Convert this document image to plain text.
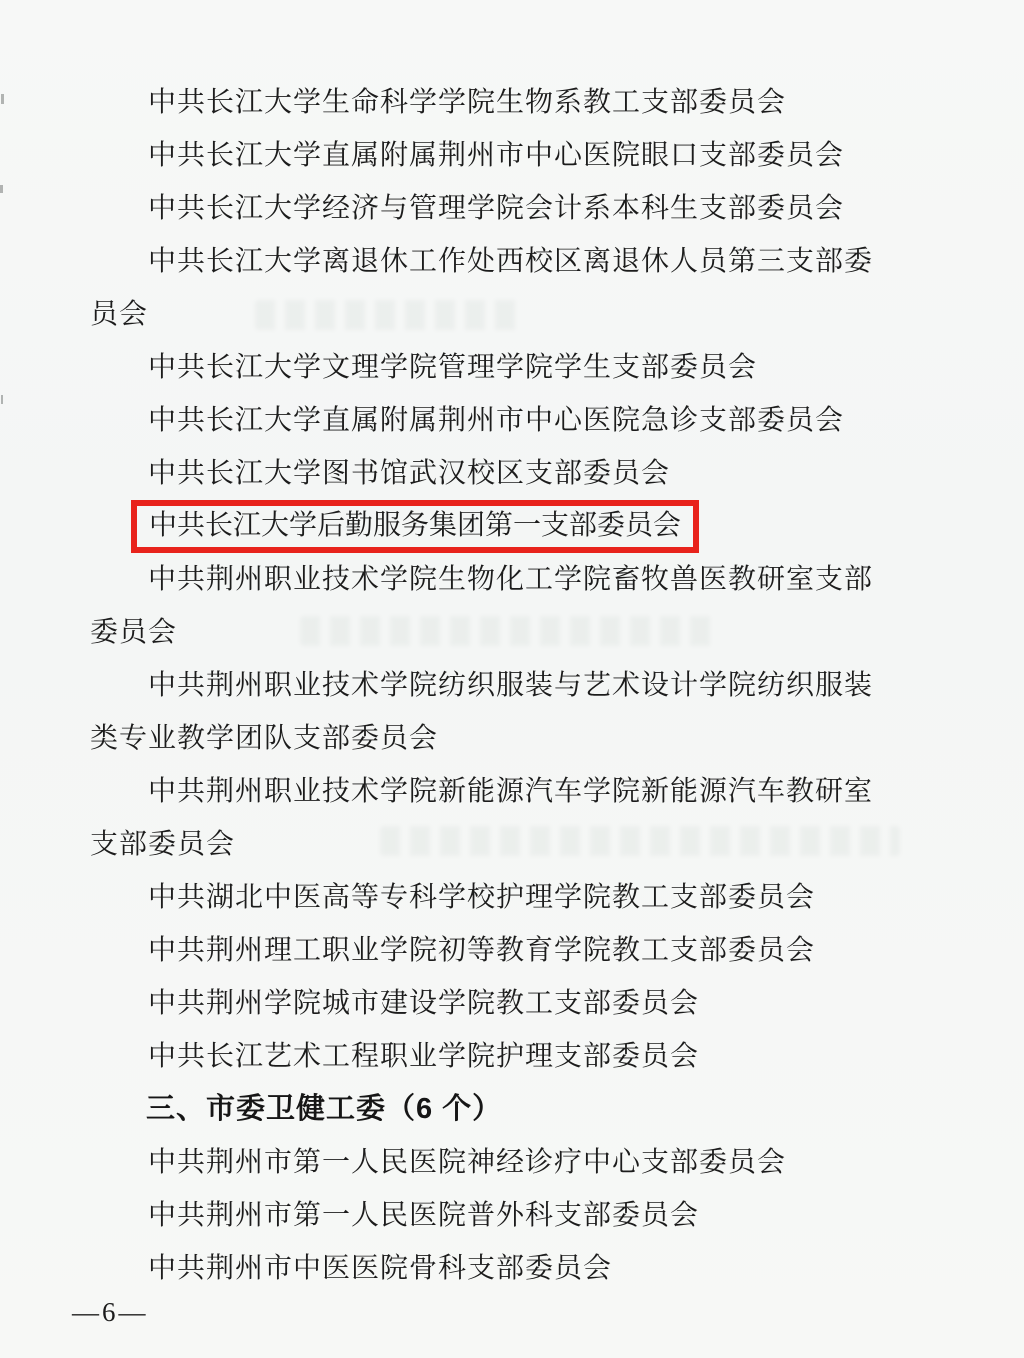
中共长江大学生命科学学院生物系教工支部委员会

中共长江大学直属附属荆州市中心医院眼口支部委员会

中共长江大学经济与管理学院会计系本科生支部委员会

中共长江大学离退休工作处西校区离退休人员第三支部委
员会

中共长江大学文理学院管理学院学生支部委员会

中共长江大学直属附属荆州市中心医院急诊支部委员会

中共长江大学图书馆武汉校区支部委员会

中共长江大学后勤服务集团第一支部委员会

中共荆州职业技术学院生物化工学院畜牧兽医教研室支部
委员会

中共荆州职业技术学院纺织服装与艺术设计学院纺织服装
类专业教学团队支部委员会

中共荆州职业技术学院新能源汽车学院新能源汽车教研室
支部委员会

中共湖北中医高等专科学校护理学院教工支部委员会

中共荆州理工职业学院初等教育学院教工支部委员会

中共荆州学院城市建设学院教工支部委员会

中共长江艺术工程职业学院护理支部委员会

三、市委卫健工委（6 个）

中共荆州市第一人民医院神经诊疗中心支部委员会

中共荆州市第一人民医院普外科支部委员会

中共荆州市中医医院骨科支部委员会

—6—
